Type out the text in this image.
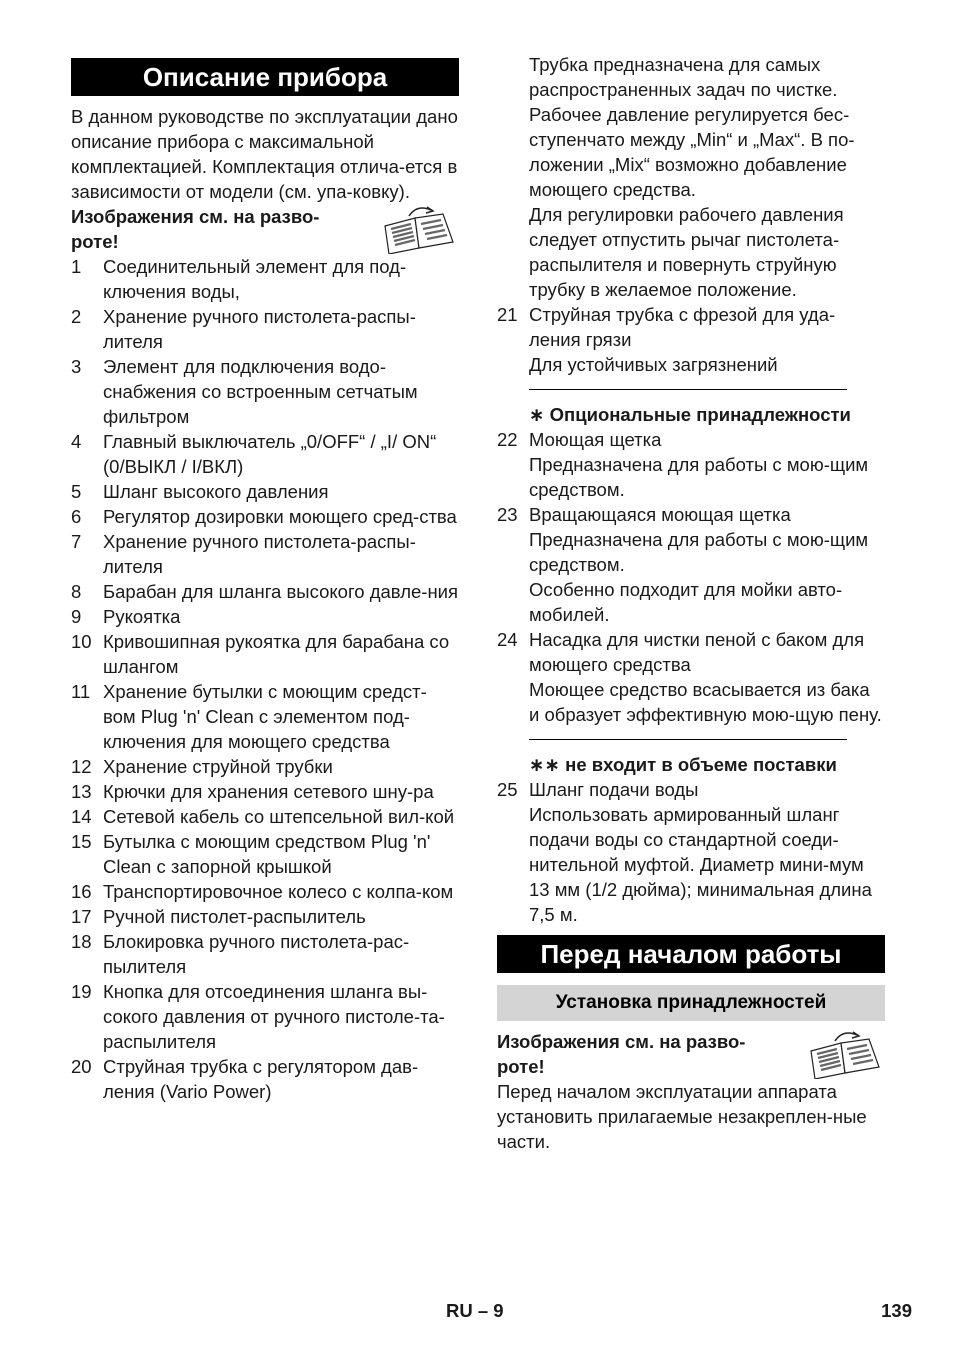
Описание прибора

В данном руководстве по эксплуатации дано описание прибора с максимальной комплектацией. Комплектация отлича-ется в зависимости от модели (см. упа-ковку).

Изображения см. на разво-роте!

1	Соединительный элемент для под-ключения воды,
2	Хранение ручного пистолета-распы-лителя
3	Элемент для подключения водо-снабжения со встроенным сетчатым фильтром
4	Главный выключатель „0/OFF“ / „I/ ON“ (0/ВЫКЛ / I/ВКЛ)
5	Шланг высокого давления
6	Регулятор дозировки моющего сред-ства
7	Хранение ручного пистолета-распы-лителя
8	Барабан для шланга высокого давле-ния
9	Рукоятка
10 Кривошипная рукоятка для барабана со шлангом
11 Хранение бутылки с моющим средст-вом Plug 'n' Clean с элементом под-ключения для моющего средства
12 Хранение струйной трубки
13 Крючки для хранения сетевого шну-ра
14 Сетевой кабель со штепсельной вил-кой
15 Бутылка с моющим средством Plug 'n' Clean с запорной крышкой
16 Транспортировочное колесо с колпа-ком
17 Ручной пистолет-распылитель
18 Блокировка ручного пистолета-рас-пылителя
19 Кнопка для отсоединения шланга вы-сокого давления от ручного пистоле-та-распылителя
20 Струйная трубка с регулятором дав-ления (Vario Power)

Трубка предназначена для самых распространенных задач по чистке. Рабочее давление регулируется бес-ступенчато между „Min“ и „Max“. В по-ложении „Mix“ возможно добавление моющего средства.

Для регулировки рабочего давления следует отпустить рычаг пистолета-распылителя и повернуть струйную трубку в желаемое положение.

21 Струйная трубка с фрезой для уда-ления грязи
Для устойчивых загрязнений

∗ Опциональные принадлежности

22 Моющая щетка
Предназначена для работы с мою-щим средством.
23 Вращающаяся моющая щетка
Предназначена для работы с мою-щим средством.
Особенно подходит для мойки авто-мобилей.
24 Насадка для чистки пеной с баком для моющего средства
Моющее средство всасывается из бака и образует эффективную мою-щую пену.

∗∗ не входит в объеме поставки

25 Шланг подачи воды
Использовать армированный шланг подачи воды со стандартной соеди-нительной муфтой. Диаметр мини-мум 13 мм (1/2 дюйма); минимальная длина 7,5 м.
Перед началом работы
Установка принадлежностей

Изображения см. на разво-роте!

Перед началом эксплуатации аппарата установить прилагаемые незакреплен-ные части.

RU – 9	139
